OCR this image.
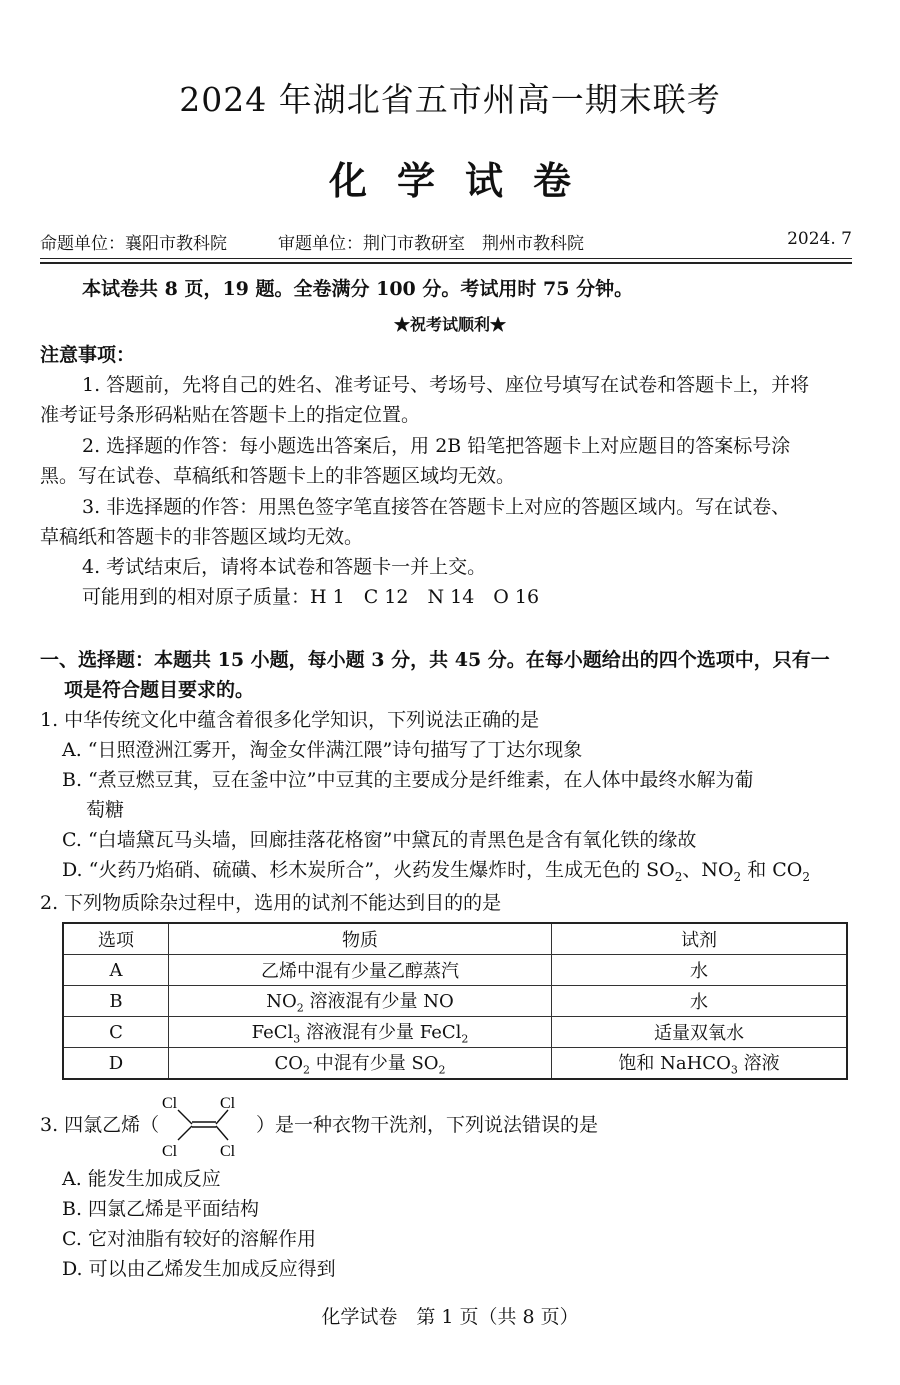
2024 年湖北省五市州高一期末联考
化学试卷
命题单位：襄阳市教科院　　　	审题单位：荆门市教研室　荆州市教科院	2024. 7
本试卷共 8 页，19 题。全卷满分 100 分。考试用时 75 分钟。
★祝考试顺利★
注意事项：
1. 答题前，先将自己的姓名、准考证号、考场号、座位号填写在试卷和答题卡上，并将
准考证号条形码粘贴在答题卡上的指定位置。
2. 选择题的作答：每小题选出答案后，用 2B 铅笔把答题卡上对应题目的答案标号涂
黑。写在试卷、草稿纸和答题卡上的非答题区域均无效。
3. 非选择题的作答：用黑色签字笔直接答在答题卡上对应的答题区域内。写在试卷、
草稿纸和答题卡的非答题区域均无效。
4. 考试结束后，请将本试卷和答题卡一并上交。
可能用到的相对原子质量：H 1　C 12　N 14　O 16
一、选择题：本题共 15 小题，每小题 3 分，共 45 分。在每小题给出的四个选项中，只有一
项是符合题目要求的。
1. 中华传统文化中蕴含着很多化学知识，下列说法正确的是
A. “日照澄洲江雾开，淘金女伴满江隈”诗句描写了丁达尔现象
B. “煮豆燃豆萁，豆在釜中泣”中豆萁的主要成分是纤维素，在人体中最终水解为葡
萄糖
C. “白墙黛瓦马头墙，回廊挂落花格窗”中黛瓦的青黑色是含有氧化铁的缘故
D. “火药乃焰硝、硫磺、杉木炭所合”，火药发生爆炸时，生成无色的 $SO_2$、$NO_2$ 和 $CO_2$
2. 下列物质除杂过程中，选用的试剂不能达到目的的是
选项	物质	试剂
A	乙烯中混有少量乙醇蒸汽	水
B	$NO_2$ 溶液混有少量 NO	水
C	FeCl$_3$ 溶液混有少量 FeCl$_2$	适量双氧水
D	$CO_2$ 中混有少量 $SO_2$	饱和 NaHCO$_3$ 溶液
3. 四氯乙烯（
Cl	Cl
Cl	Cl
）是一种衣物干洗剂，下列说法错误的是
A. 能发生加成反应
B. 四氯乙烯是平面结构
C. 它对油脂有较好的溶解作用
D. 可以由乙烯发生加成反应得到
化学试卷　第 1 页（共 8 页）
